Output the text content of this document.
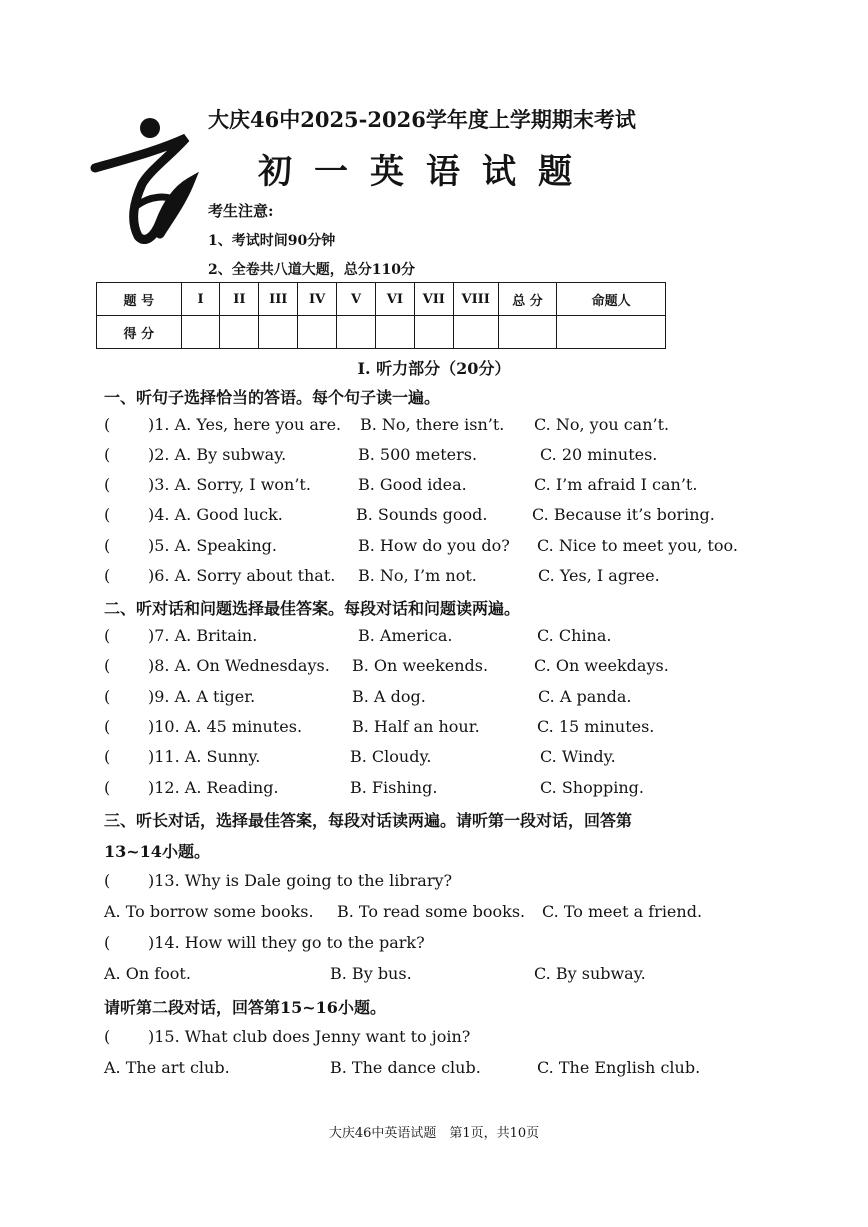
大庆46中2025-2026学年度上学期期末考试
初一英语试题
考生注意:
1、考试时间90分钟
2、全卷共八道大题，总分110分
题 号	I	II	III	IV	V	VI	VII	VIII	总 分	命题人
得 分										
I. 听力部分（20分）
一、听句子选择恰当的答语。每个句子读一遍。
( )1. A. Yes, here you are. B. No, there isn’t. C. No, you can’t.
( )2. A. By subway.	B. 500 meters.	C. 20 minutes.
( )3. A. Sorry, I won’t.	B. Good idea.	C. I’m afraid I can’t.
( )4. A. Good luck.	B. Sounds good.	C. Because it’s boring.
( )5. A. Speaking.	B. How do you do? C. Nice to meet you, too.
( )6. A. Sorry about that. B. No, I’m not.	C. Yes, I agree.
二、听对话和问题选择最佳答案。每段对话和问题读两遍。
( )7. A. Britain.	B. America.	C. China.
( )8. A. On Wednesdays. B. On weekends.	C. On weekdays.
( )9. A. A tiger.	B. A dog.	C. A panda.
( )10. A. 45 minutes.	B. Half an hour.	C. 15 minutes.
( )11. A. Sunny.	B. Cloudy.	C. Windy.
( )12. A. Reading.	B. Fishing.	C. Shopping.
三、听长对话，选择最佳答案，每段对话读两遍。请听第一段对话，回答第
13~14小题。
( )13. Why is Dale going to the library?
A. To borrow some books. B. To read some books. C. To meet a friend.
( )14. How will they go to the park?
A. On foot.	B. By bus.	C. By subway.
请听第二段对话，回答第15~16小题。
( )15. What club does Jenny want to join?
A. The art club.	B. The dance club.	C. The English club.
大庆46中英语试题　第1页，共10页
